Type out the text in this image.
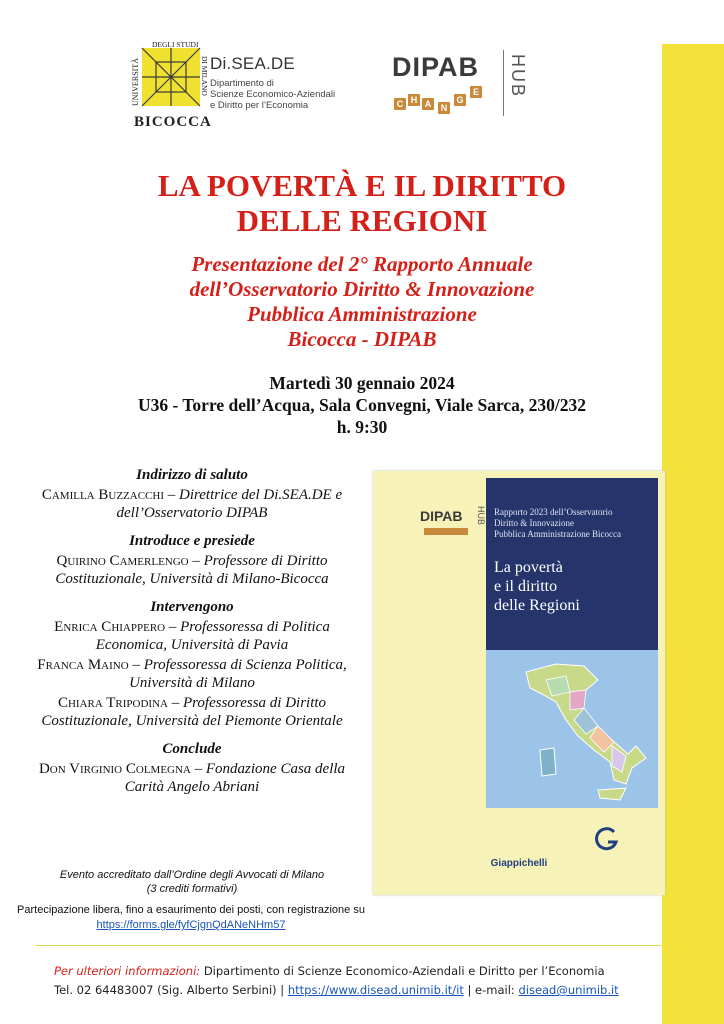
UNIVERSITÀ
DEGLI STUDI
DI MILANO
BICOCCA
Di.SEA.DE
Dipartimento di
Scienze Economico-Aziendali
e Diritto per l’Economia
DIPAB HUB
C H A	N
G
E
LA POVERTÀ E IL DIRITTO
DELLE REGIONI
Presentazione del 2° Rapporto Annuale
dell’Osservatorio Diritto & Innovazione
Pubblica Amministrazione
Bicocca - DIPAB
Martedì 30 gennaio 2024
U36 - Torre dell’Acqua, Sala Convegni, Viale Sarca, 230/232
h. 9:30
Indirizzo di saluto
Camilla Buzzacchi – Direttrice del Di.SEA.DE e dell’Osservatorio DIPAB
Introduce e presiede
Quirino Camerlengo – Professore di Diritto Costituzionale, Università di Milano-Bicocca
Intervengono
Enrica Chiappero – Professoressa di Politica Economica, Università di Pavia
Franca Maino – Professoressa di Scienza Politica, Università di Milano
Chiara Tripodina – Professoressa di Diritto Costituzionale, Università del Piemonte Orientale
Conclude
Don Virginio Colmegna – Fondazione Casa della Carità Angelo Abriani
Evento accreditato dall’Ordine degli Avvocati di Milano
(3 crediti formativi)
Partecipazione libera, fino a esaurimento dei posti, con registrazione su
https://forms.gle/fyfCjgnQdANeNHm57
DIPAB HUB Rapporto 2023 dell’Osservatorio
Diritto & Innovazione
Pubblica Amministrazione Bicocca
La povertà
e il diritto
delle Regioni
Giappichelli
Per ulteriori informazioni: Dipartimento di Scienze Economico-Aziendali e Diritto per l’Economia
Tel. 02 64483007 (Sig. Alberto Serbini) | https://www.disead.unimib.it/it | e-mail: disead@unimib.it
